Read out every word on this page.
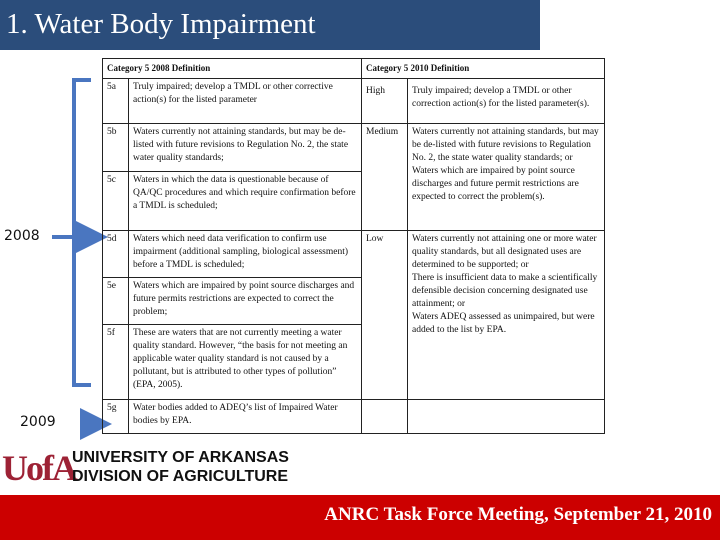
1. Water Body Impairment
2008
2009
Category 5 2008 Definition		Category 5 2010 Definition	
5a	Truly impaired; develop a TMDL or other corrective action(s) for the listed parameter	High	Truly impaired; develop a TMDL or other correction action(s) for the listed parameter(s).
5b	Waters currently not attaining standards, but may be de-listed with future revisions to Regulation No. 2, the state water quality standards;	Medium	Waters currently not attaining standards, but may be de-listed with future revisions to Regulation No. 2, the state water quality standards; or
Waters which are impaired by point source discharges and future permit restrictions are expected to correct the problem(s).
5c	Waters in which the data is questionable because of QA/QC procedures and which require confirmation before a TMDL is scheduled;		
5d	Waters which need data verification to confirm use impairment (additional sampling, biological assessment) before a TMDL is scheduled;	Low	Waters currently not attaining one or more water quality standards, but all designated uses are determined to be supported; or
There is insufficient data to make a scientifically defensible decision concerning designated use attainment; or
Waters ADEQ assessed as unimpaired, but were added to the list by EPA.
5e	Waters which are impaired by point source discharges and future permits restrictions are expected to correct the problem;		
5f	These are waters that are not currently meeting a water quality standard. However, “the basis for not meeting an applicable water quality standard is not caused by a pollutant, but is attributed to other types of pollution” (EPA, 2005).		
5g	Water bodies added to ADEQ’s list of Impaired Water bodies by EPA.		
UofA
UNIVERSITY OF ARKANSAS
DIVISION OF AGRICULTURE
ANRC Task Force Meeting, September 21, 2010
